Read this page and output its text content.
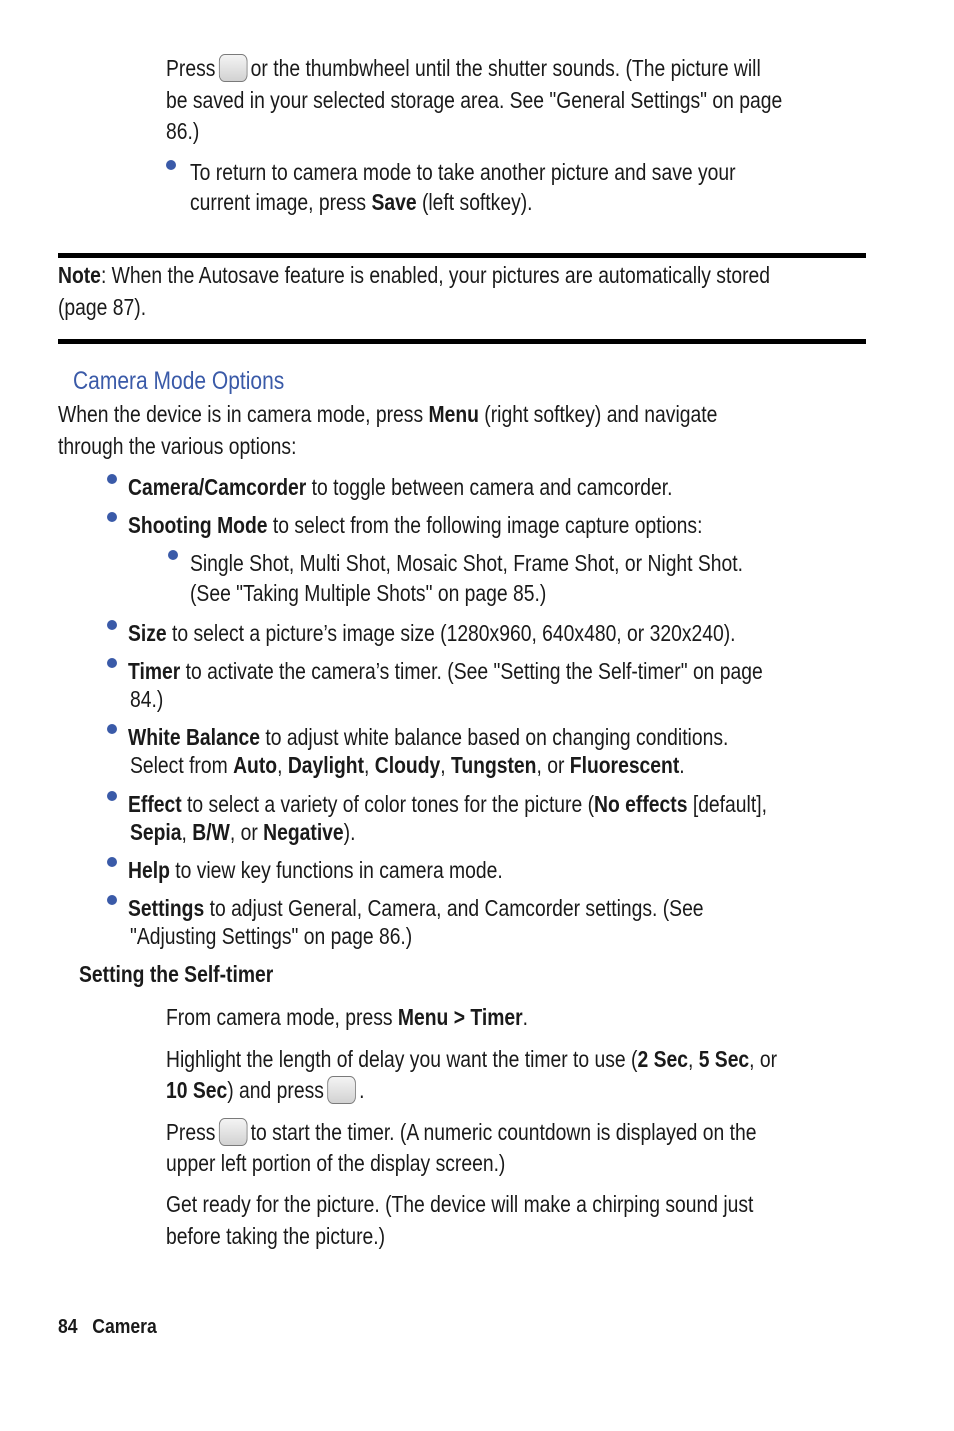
Press or the thumbwheel until the shutter sounds. (The picture will
be saved in your selected storage area. See "General Settings" on page
86.)
To return to camera mode to take another picture and save your
current image, press Save (left softkey).
Note: When the Autosave feature is enabled, your pictures are automatically stored
(page 87).
Camera Mode Options
When the device is in camera mode, press Menu (right softkey) and navigate
through the various options:
Camera/Camcorder to toggle between camera and camcorder.
Shooting Mode to select from the following image capture options:
Single Shot, Multi Shot, Mosaic Shot, Frame Shot, or Night Shot.
(See "Taking Multiple Shots" on page 85.)
Size to select a picture’s image size (1280x960, 640x480, or 320x240).
Timer to activate the camera’s timer. (See "Setting the Self-timer" on page
84.)
White Balance to adjust white balance based on changing conditions.
Select from Auto, Daylight, Cloudy, Tungsten, or Fluorescent.
Effect to select a variety of color tones for the picture (No effects [default],
Sepia, B/W, or Negative).
Help to view key functions in camera mode.
Settings to adjust General, Camera, and Camcorder settings. (See
"Adjusting Settings" on page 86.)
Setting the Self-timer
From camera mode, press Menu > Timer.
Highlight the length of delay you want the timer to use (2 Sec, 5 Sec, or
10 Sec) and press .
Press to start the timer. (A numeric countdown is displayed on the
upper left portion of the display screen.)
Get ready for the picture. (The device will make a chirping sound just
before taking the picture.)
84 Camera
